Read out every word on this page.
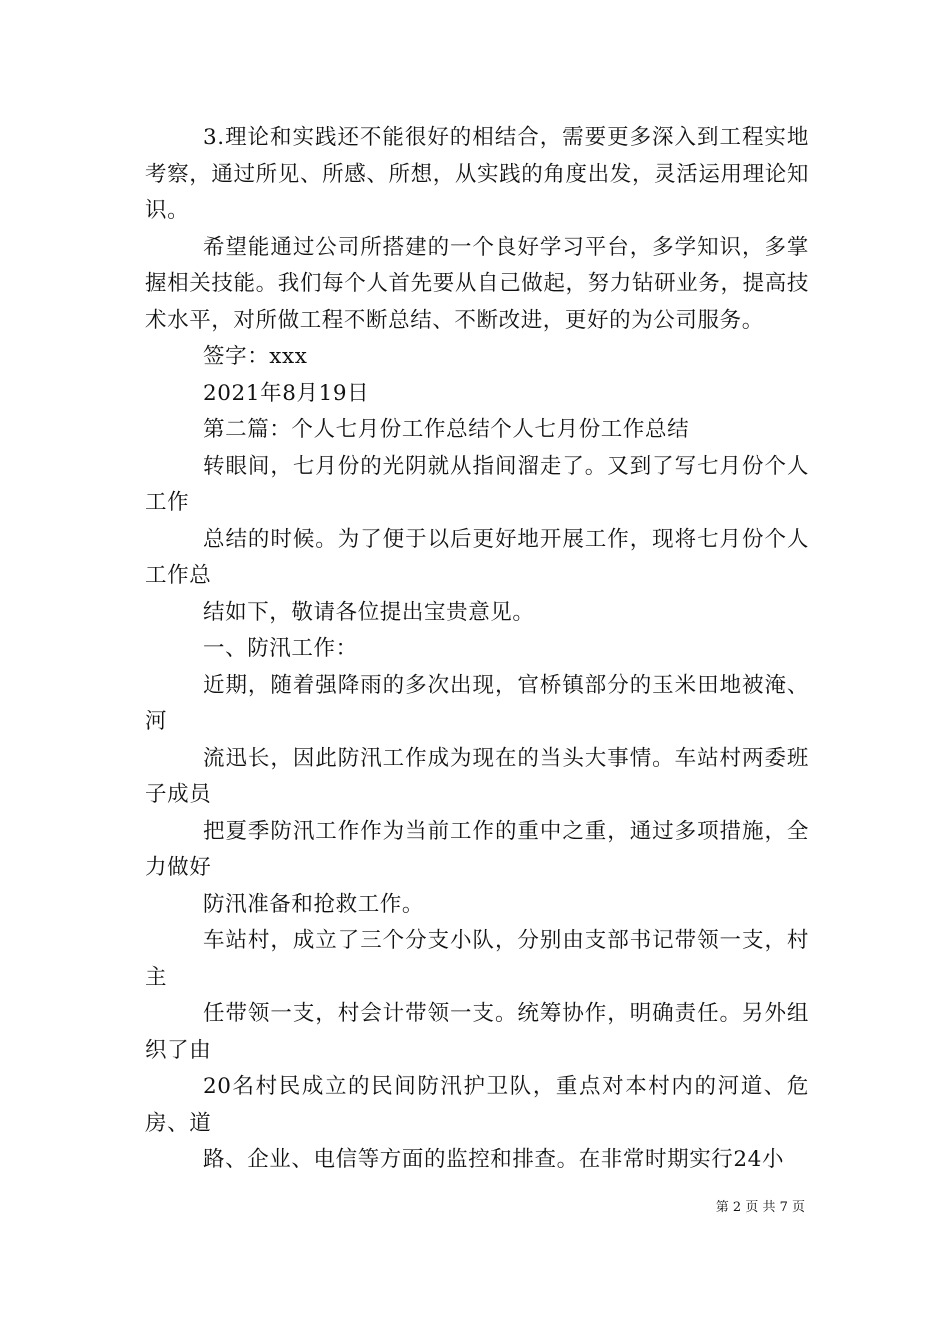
3.理论和实践还不能很好的相结合，需要更多深入到工程实地考察，通过所见、所感、所想，从实践的角度出发，灵活运用理论知识。

希望能通过公司所搭建的一个良好学习平台，多学知识，多掌握相关技能。我们每个人首先要从自己做起，努力钻研业务，提高技术水平，对所做工程不断总结、不断改进，更好的为公司服务。

签字：xxx

2021年8月19日

第二篇：个人七月份工作总结个人七月份工作总结

转眼间，七月份的光阴就从指间溜走了。又到了写七月份个人工作

总结的时候。为了便于以后更好地开展工作，现将七月份个人工作总

结如下，敬请各位提出宝贵意见。

一、防汛工作：

近期，随着强降雨的多次出现，官桥镇部分的玉米田地被淹、河

流迅长，因此防汛工作成为现在的当头大事情。车站村两委班子成员

把夏季防汛工作作为当前工作的重中之重，通过多项措施，全力做好

防汛准备和抢救工作。

车站村，成立了三个分支小队，分别由支部书记带领一支，村主

任带领一支，村会计带领一支。统筹协作，明确责任。另外组织了由

20名村民成立的民间防汛护卫队，重点对本村内的河道、危房、道

路、企业、电信等方面的监控和排查。在非常时期实行24小

第 2 页 共 7 页
